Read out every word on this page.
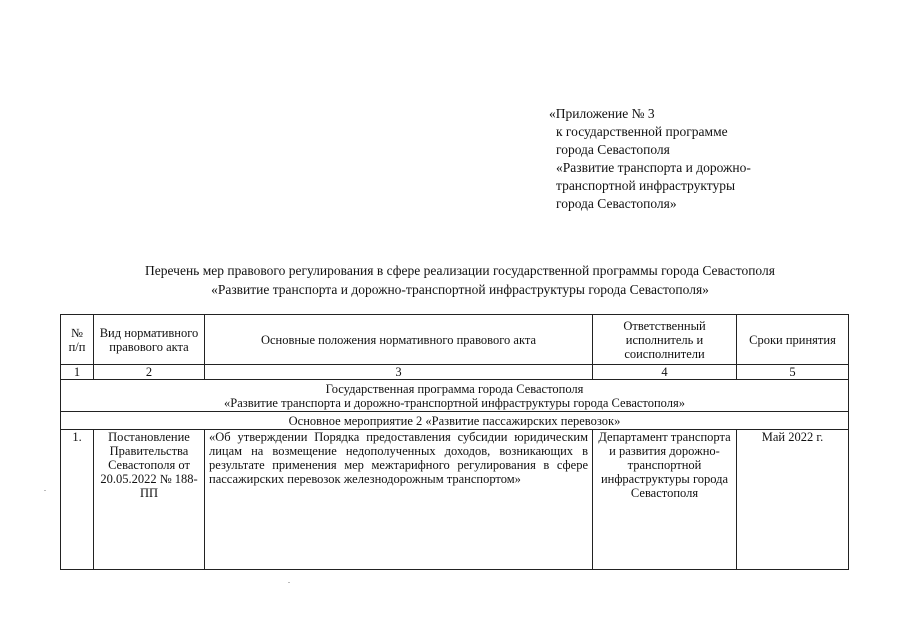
«Приложение № 3
к государственной программе
города Севастополя
«Развитие транспорта и дорожно-
транспортной инфраструктуры
города Севастополя»
Перечень мер правового регулирования в сфере реализации государственной программы города Севастополя
«Развитие транспорта и дорожно-транспортной инфраструктуры города Севастополя»
№ п/п	Вид нормативного правового акта	Основные положения нормативного правового акта	Ответственный исполнитель и соисполнители	Сроки принятия
1	2	3	4	5

Государственная программа города Севастополя
«Развитие транспорта и дорожно-транспортной инфраструктуры города Севастополя»				

Основное мероприятие 2 «Развитие пассажирских перевозок»				
1.	Постановление Правительства Севастополя от 20.05.2022 № 188-ПП	«Об утверждении Порядка предоставления субсидии юридическим лицам на возмещение недополученных доходов, возникающих в результате применения мер межтарифного регулирования в сфере пассажирских перевозок железнодорожным транспортом»	Департамент транспорта и развития дорожно-транспортной инфраструктуры города Севастополя	Май 2022 г.
